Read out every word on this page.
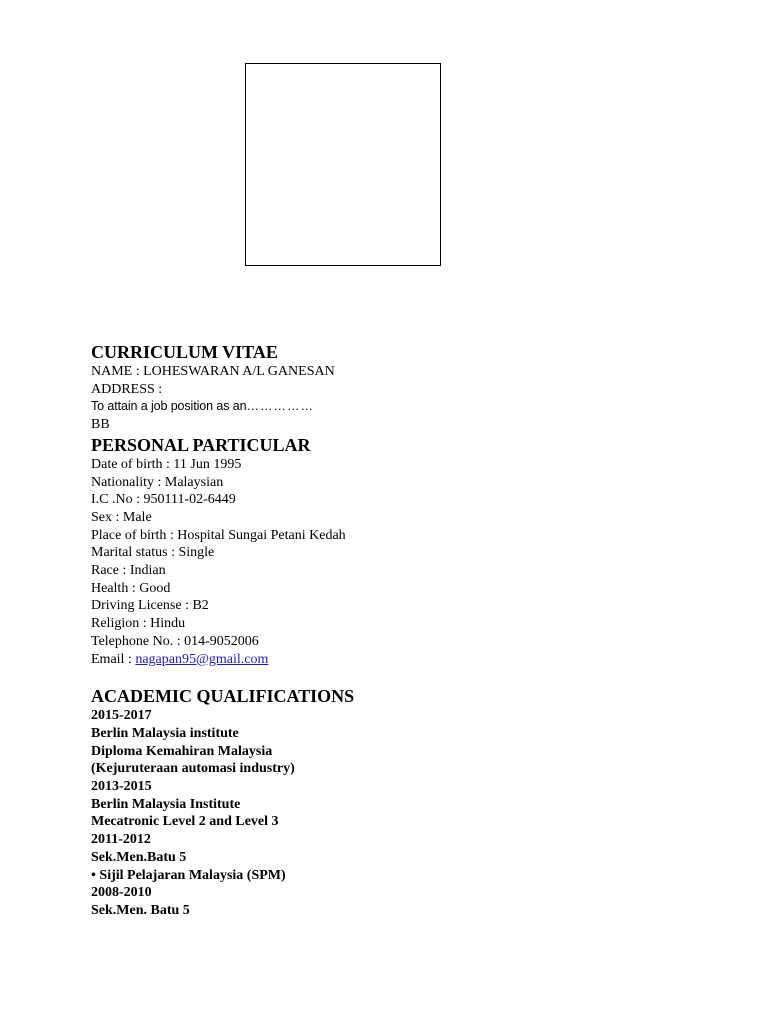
CURRICULUM VITAE
NAME : LOHESWARAN A/L GANESAN
ADDRESS :
To attain a job position as an……………
BB
PERSONAL PARTICULAR
Date of birth : 11 Jun 1995
Nationality : Malaysian
I.C .No : 950111-02-6449
Sex : Male
Place of birth : Hospital Sungai Petani Kedah
Marital status : Single
Race : Indian
Health : Good
Driving License : B2
Religion : Hindu
Telephone No. : 014-9052006
Email : nagapan95@gmail.com
ACADEMIC QUALIFICATIONS
2015-2017
Berlin Malaysia institute
Diploma Kemahiran Malaysia
(Kejuruteraan automasi industry)
2013-2015
Berlin Malaysia Institute
Mecatronic Level 2 and Level 3
2011-2012
Sek.Men.Batu 5
• Sijil Pelajaran Malaysia (SPM)
2008-2010
Sek.Men. Batu 5
